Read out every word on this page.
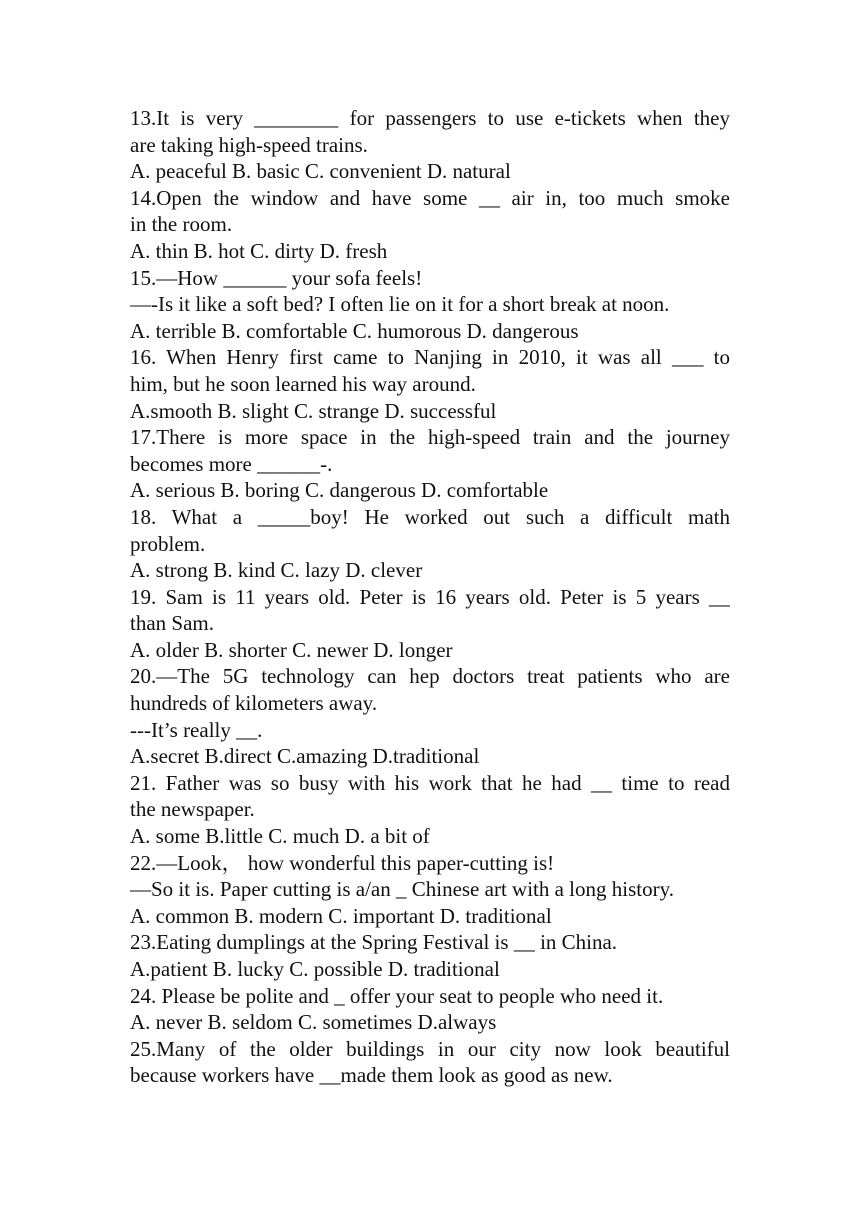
13.It is very ________ for passengers to use e-tickets when they
are taking high-speed trains.
A. peaceful B. basic C. convenient D. natural
14.Open the window and have some __ air in, too much smoke
in the room.
A. thin B. hot C. dirty D. fresh
15.—How ______ your sofa feels!
—-Is it like a soft bed? I often lie on it for a short break at noon.
A. terrible B. comfortable C. humorous D. dangerous
16. When Henry first came to Nanjing in 2010, it was all ___ to
him, but he soon learned his way around.
A.smooth B. slight C. strange D. successful
17.There is more space in the high-speed train and the journey
becomes more ______-.
A. serious B. boring C. dangerous D. comfortable
18. What a _____boy! He worked out such a difficult math
problem.
A. strong B. kind C. lazy D. clever
19. Sam is 11 years old. Peter is 16 years old. Peter is 5 years __
than Sam.
A. older B. shorter C. newer D. longer
20.—The 5G technology can hep doctors treat patients who are
hundreds of kilometers away.
---It’s really __.
A.secret B.direct C.amazing D.traditional
21. Father was so busy with his work that he had __ time to read
the newspaper.
A. some B.little C. much D. a bit of
22.—Look， how wonderful this paper-cutting is!
—So it is. Paper cutting is a/an _ Chinese art with a long history.
A. common B. modern C. important D. traditional
23.Eating dumplings at the Spring Festival is __ in China.
A.patient B. lucky C. possible D. traditional
24. Please be polite and _ offer your seat to people who need it.
A. never B. seldom C. sometimes D.always
25.Many of the older buildings in our city now look beautiful
because workers have __made them look as good as new.
